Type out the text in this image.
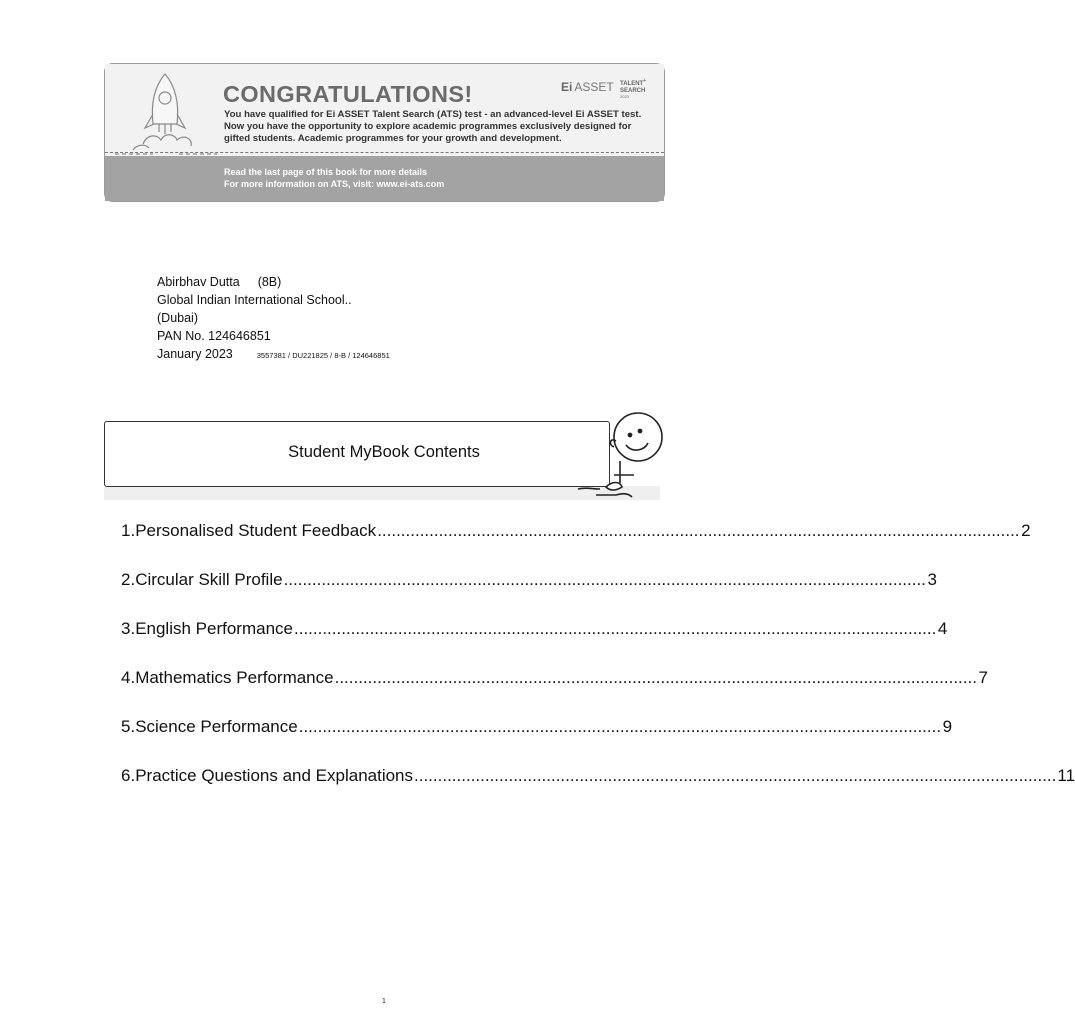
CONGRATULATIONS!	Ei ASSET TALENT+
SEARCH
2023
You have qualified for Ei ASSET Talent Search (ATS) test - an advanced-level Ei ASSET test.
Now you have the opportunity to explore academic programmes exclusively designed for
gifted students. Academic programmes for your growth and development.
Read the last page of this book for more details
For more information on ATS, visit: www.ei-ats.com
Abirbhav Dutta (8B)
Global Indian International School..
(Dubai)
PAN No. 124646851
January 2023	3557381 / DU221825 / 8-B / 124646851
Student MyBook Contents
1. Personalised Student Feedback ........................................................................................................................................ 2
2. Circular Skill Profile ........................................................................................................................................ 3
3. English Performance ........................................................................................................................................ 4
4. Mathematics Performance ........................................................................................................................................ 7
5. Science Performance ........................................................................................................................................ 9
6. Practice Questions and Explanations ........................................................................................................................................ 11
1
